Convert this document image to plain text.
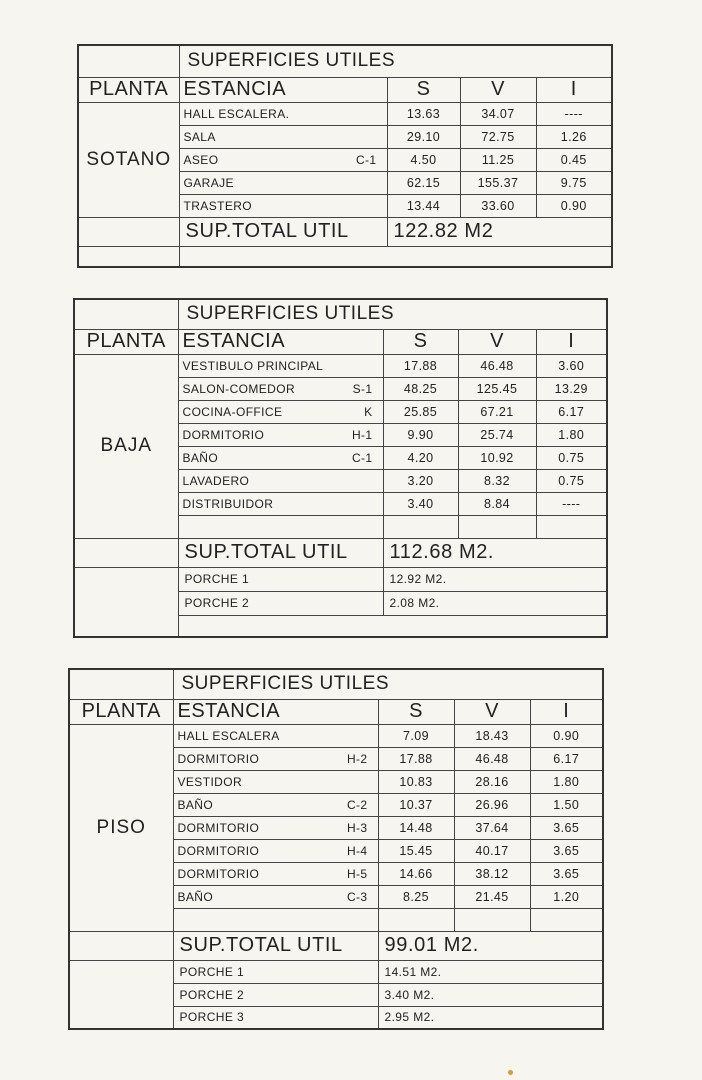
	SUPERFICIES UTILES			
PLANTA	ESTANCIA	S	V	I
SOTANO	HALL ESCALERA.	13.63	34.07	----

	SALA	29.10	72.75	1.26

	ASEO C-1	4.50	11.25	0.45

	GARAJE	62.15	155.37	9.75

	TRASTERO	13.44	33.60	0.90
	SUP.TOTAL UTIL	122.82 M2		

	SUPERFICIES UTILES			
PLANTA	ESTANCIA	S	V	I
BAJA	VESTIBULO PRINCIPAL	17.88	46.48	3.60

	SALON-COMEDOR S-1	48.25	125.45	13.29

	COCINA-OFFICE K	25.85	67.21	6.17

	DORMITORIO H-1	9.90	25.74	1.80

	BAÑO C-1	4.20	10.92	0.75

	LAVADERO	3.20	8.32	0.75

	DISTRIBUIDOR	3.40	8.84	----

	SUP.TOTAL UTIL	112.68 M2.		
	PORCHE 1	12.92 M2.		
	PORCHE 2	2.08 M2.		

	SUPERFICIES UTILES			
PLANTA	ESTANCIA	S	V	I
PISO	HALL ESCALERA	7.09	18.43	0.90

	DORMITORIO H-2	17.88	46.48	6.17

	VESTIDOR	10.83	28.16	1.80

	BAÑO C-2	10.37	26.96	1.50

	DORMITORIO H-3	14.48	37.64	3.65

	DORMITORIO H-4	15.45	40.17	3.65

	DORMITORIO H-5	14.66	38.12	3.65

	BAÑO C-3	8.25	21.45	1.20

	SUP.TOTAL UTIL	99.01 M2.		
	PORCHE 1	14.51 M2.		
	PORCHE 2	3.40 M2.		
	PORCHE 3	2.95 M2.		
